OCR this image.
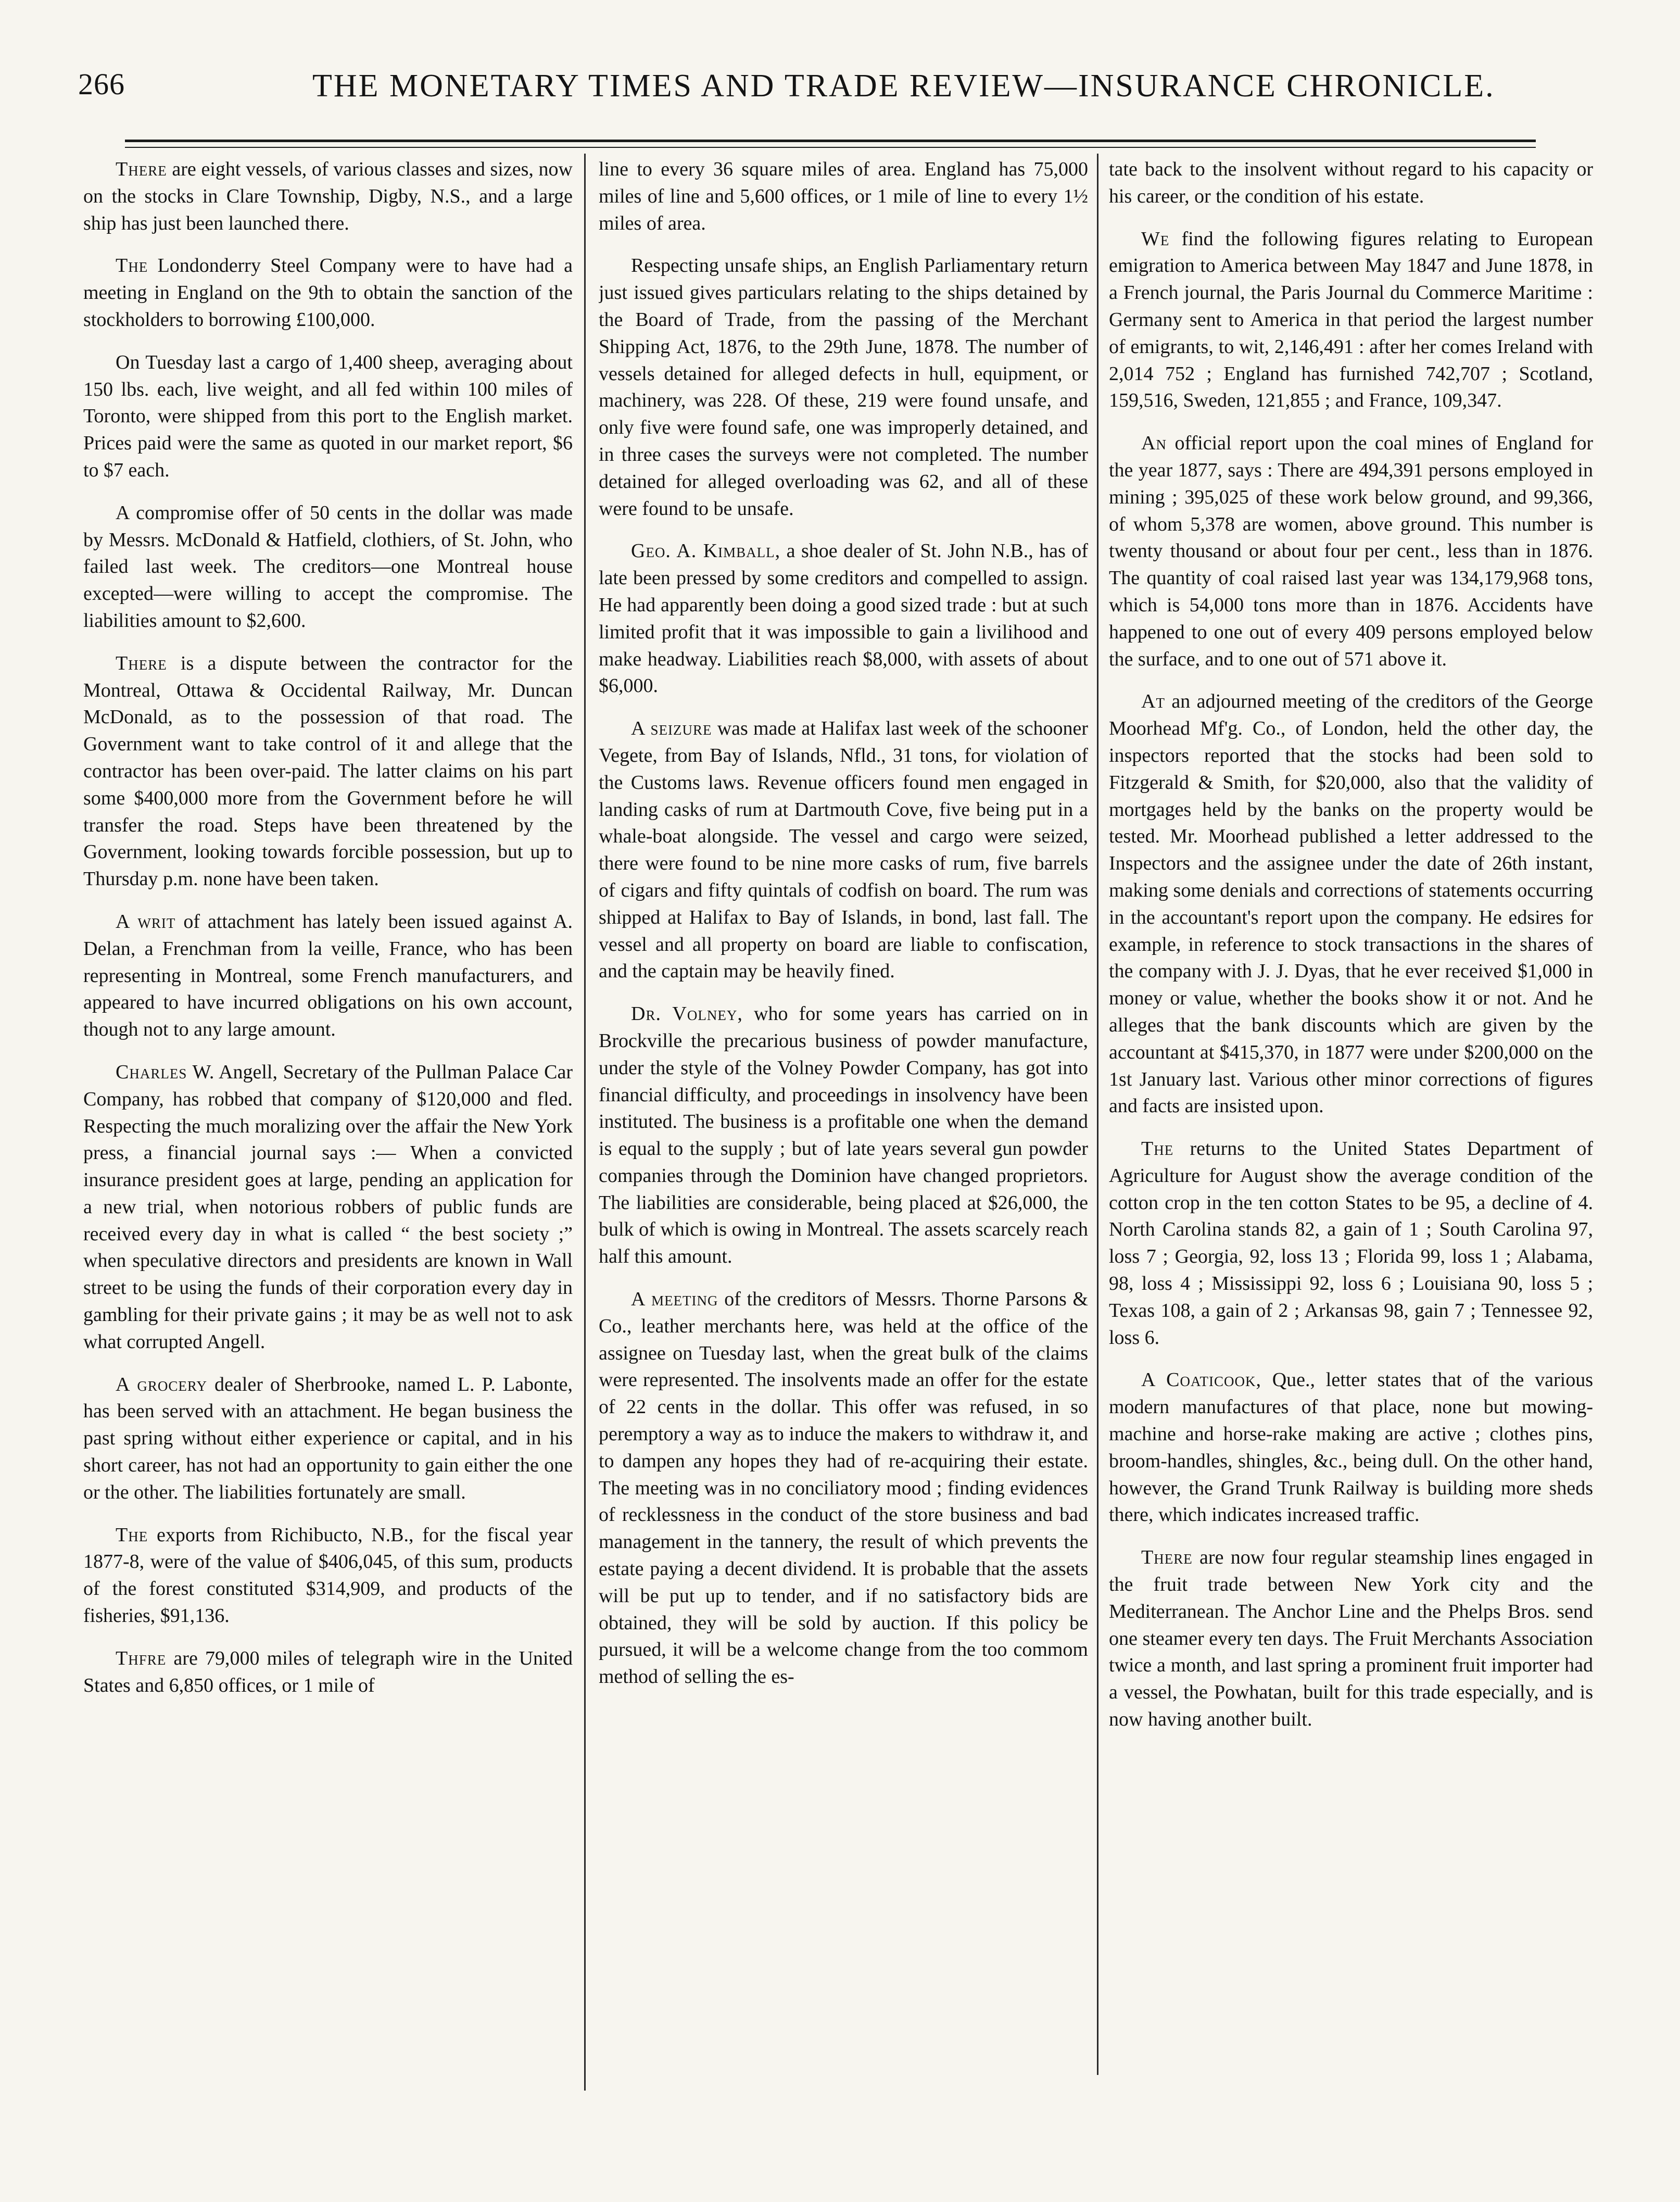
266	THE MONETARY TIMES AND TRADE REVIEW—INSURANCE CHRONICLE.

There are eight vessels, of various classes and sizes, now on the stocks in Clare Township, Digby, N.S., and a large ship has just been launched there.

The Londonderry Steel Company were to have had a meeting in England on the 9th to obtain the sanction of the stockholders to borrowing £100,000.

On Tuesday last a cargo of 1,400 sheep, averaging about 150 lbs. each, live weight, and all fed within 100 miles of Toronto, were shipped from this port to the English market. Prices paid were the same as quoted in our market report, $6 to $7 each.

A compromise offer of 50 cents in the dollar was made by Messrs. McDonald & Hatfield, clothiers, of St. John, who failed last week. The creditors—one Montreal house excepted—were willing to accept the compromise. The liabilities amount to $2,600.

There is a dispute between the contractor for the Montreal, Ottawa & Occidental Railway, Mr. Duncan McDonald, as to the possession of that road. The Government want to take control of it and allege that the contractor has been over-paid. The latter claims on his part some $400,000 more from the Government before he will transfer the road. Steps have been threatened by the Government, looking towards forcible possession, but up to Thursday p.m. none have been taken.

A writ of attachment has lately been issued against A. Delan, a Frenchman from la veille, France, who has been representing in Montreal, some French manufacturers, and appeared to have incurred obligations on his own account, though not to any large amount.

Charles W. Angell, Secretary of the Pullman Palace Car Company, has robbed that company of $120,000 and fled. Respecting the much moralizing over the affair the New York press, a financial journal says :— When a convicted insurance president goes at large, pending an application for a new trial, when notorious robbers of public funds are received every day in what is called “ the best society ;” when speculative directors and presidents are known in Wall street to be using the funds of their corporation every day in gambling for their private gains ; it may be as well not to ask what corrupted Angell.

A grocery dealer of Sherbrooke, named L. P. Labonte, has been served with an attachment. He began business the past spring without either experience or capital, and in his short career, has not had an opportunity to gain either the one or the other. The liabilities fortunately are small.

The exports from Richibucto, N.B., for the fiscal year 1877-8, were of the value of $406,045, of this sum, products of the forest constituted $314,909, and products of the fisheries, $91,136.

Thfre are 79,000 miles of telegraph wire in the United States and 6,850 offices, or 1 mile of

line to every 36 square miles of area. England has 75,000 miles of line and 5,600 offices, or 1 mile of line to every 1½ miles of area.

Respecting unsafe ships, an English Parliamentary return just issued gives particulars relating to the ships detained by the Board of Trade, from the passing of the Merchant Shipping Act, 1876, to the 29th June, 1878. The number of vessels detained for alleged defects in hull, equipment, or machinery, was 228. Of these, 219 were found unsafe, and only five were found safe, one was improperly detained, and in three cases the surveys were not completed. The number detained for alleged overloading was 62, and all of these were found to be unsafe.

Geo. A. Kimball, a shoe dealer of St. John N.B., has of late been pressed by some creditors and compelled to assign. He had apparently been doing a good sized trade : but at such limited profit that it was impossible to gain a livilihood and make headway. Liabilities reach $8,000, with assets of about $6,000.

A seizure was made at Halifax last week of the schooner Vegete, from Bay of Islands, Nfld., 31 tons, for violation of the Customs laws. Revenue officers found men engaged in landing casks of rum at Dartmouth Cove, five being put in a whale-boat alongside. The vessel and cargo were seized, there were found to be nine more casks of rum, five barrels of cigars and fifty quintals of codfish on board. The rum was shipped at Halifax to Bay of Islands, in bond, last fall. The vessel and all property on board are liable to confiscation, and the captain may be heavily fined.

Dr. Volney, who for some years has carried on in Brockville the precarious business of powder manufacture, under the style of the Volney Powder Company, has got into financial difficulty, and proceedings in insolvency have been instituted. The business is a profitable one when the demand is equal to the supply ; but of late years several gun powder companies through the Dominion have changed proprietors. The liabilities are considerable, being placed at $26,000, the bulk of which is owing in Montreal. The assets scarcely reach half this amount.

A meeting of the creditors of Messrs. Thorne Parsons & Co., leather merchants here, was held at the office of the assignee on Tuesday last, when the great bulk of the claims were represented. The insolvents made an offer for the estate of 22 cents in the dollar. This offer was refused, in so peremptory a way as to induce the makers to withdraw it, and to dampen any hopes they had of re-acquiring their estate. The meeting was in no conciliatory mood ; finding evidences of recklessness in the conduct of the store business and bad management in the tannery, the result of which prevents the estate paying a decent dividend. It is probable that the assets will be put up to tender, and if no satisfactory bids are obtained, they will be sold by auction. If this policy be pursued, it will be a welcome change from the too commom method of selling the es-

tate back to the insolvent without regard to his capacity or his career, or the condition of his estate.

We find the following figures relating to European emigration to America between May 1847 and June 1878, in a French journal, the Paris Journal du Commerce Maritime : Germany sent to America in that period the largest number of emigrants, to wit, 2,146,491 : after her comes Ireland with 2,014 752 ; England has furnished 742,707 ; Scotland, 159,516, Sweden, 121,855 ; and France, 109,347.

An official report upon the coal mines of England for the year 1877, says : There are 494,391 persons employed in mining ; 395,025 of these work below ground, and 99,366, of whom 5,378 are women, above ground. This number is twenty thousand or about four per cent., less than in 1876. The quantity of coal raised last year was 134,179,968 tons, which is 54,000 tons more than in 1876. Accidents have happened to one out of every 409 persons employed below the surface, and to one out of 571 above it.

At an adjourned meeting of the creditors of the George Moorhead Mf'g. Co., of London, held the other day, the inspectors reported that the stocks had been sold to Fitzgerald & Smith, for $20,000, also that the validity of mortgages held by the banks on the property would be tested. Mr. Moorhead published a letter addressed to the Inspectors and the assignee under the date of 26th instant, making some denials and corrections of statements occurring in the accountant's report upon the company. He edsires for example, in reference to stock transactions in the shares of the company with J. J. Dyas, that he ever received $1,000 in money or value, whether the books show it or not. And he alleges that the bank discounts which are given by the accountant at $415,370, in 1877 were under $200,000 on the 1st January last. Various other minor corrections of figures and facts are insisted upon.

The returns to the United States Department of Agriculture for August show the average condition of the cotton crop in the ten cotton States to be 95, a decline of 4. North Carolina stands 82, a gain of 1 ; South Carolina 97, loss 7 ; Georgia, 92, loss 13 ; Florida 99, loss 1 ; Alabama, 98, loss 4 ; Mississippi 92, loss 6 ; Louisiana 90, loss 5 ; Texas 108, a gain of 2 ; Arkansas 98, gain 7 ; Tennessee 92, loss 6.

A Coaticook, Que., letter states that of the various modern manufactures of that place, none but mowing-machine and horse-rake making are active ; clothes pins, broom-handles, shingles, &c., being dull. On the other hand, however, the Grand Trunk Railway is building more sheds there, which indicates increased traffic.

There are now four regular steamship lines engaged in the fruit trade between New York city and the Mediterranean. The Anchor Line and the Phelps Bros. send one steamer every ten days. The Fruit Merchants Association twice a month, and last spring a prominent fruit importer had a vessel, the Powhatan, built for this trade especially, and is now having another built.
